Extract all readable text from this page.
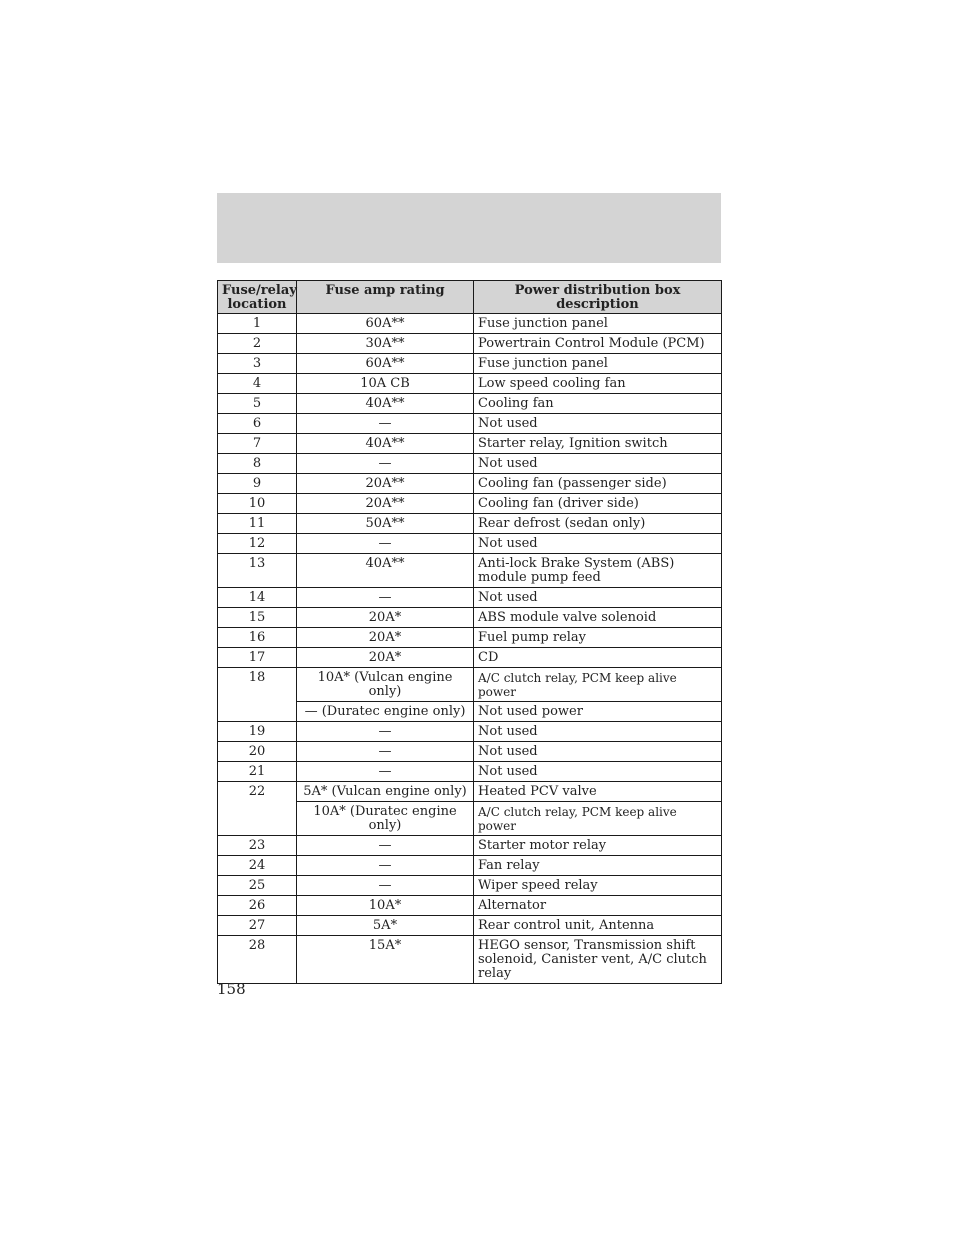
Fuse/relay location	Fuse amp rating	Power distribution box description
1	60A**	Fuse junction panel
2	30A**	Powertrain Control Module (PCM)
3	60A**	Fuse junction panel
4	10A CB	Low speed cooling fan
5	40A**	Cooling fan
6	—	Not used
7	40A**	Starter relay, Ignition switch
8	—	Not used
9	20A**	Cooling fan (passenger side)
10	20A**	Cooling fan (driver side)
11	50A**	Rear defrost (sedan only)
12	—	Not used
13	40A**	Anti-lock Brake System (ABS) module pump feed
14	—	Not used
15	20A*	ABS module valve solenoid
16	20A*	Fuel pump relay
17	20A*	CD
18	10A* (Vulcan engine only)	A/C clutch relay, PCM keep alive power
	— (Duratec engine only)	Not used power
19	—	Not used
20	—	Not used
21	—	Not used
22	5A* (Vulcan engine only)	Heated PCV valve
	10A* (Duratec engine only)	A/C clutch relay, PCM keep alive power
23	—	Starter motor relay
24	—	Fan relay
25	—	Wiper speed relay
26	10A*	Alternator
27	5A*	Rear control unit, Antenna
28	15A*	HEGO sensor, Transmission shift solenoid, Canister vent, A/C clutch relay
158
